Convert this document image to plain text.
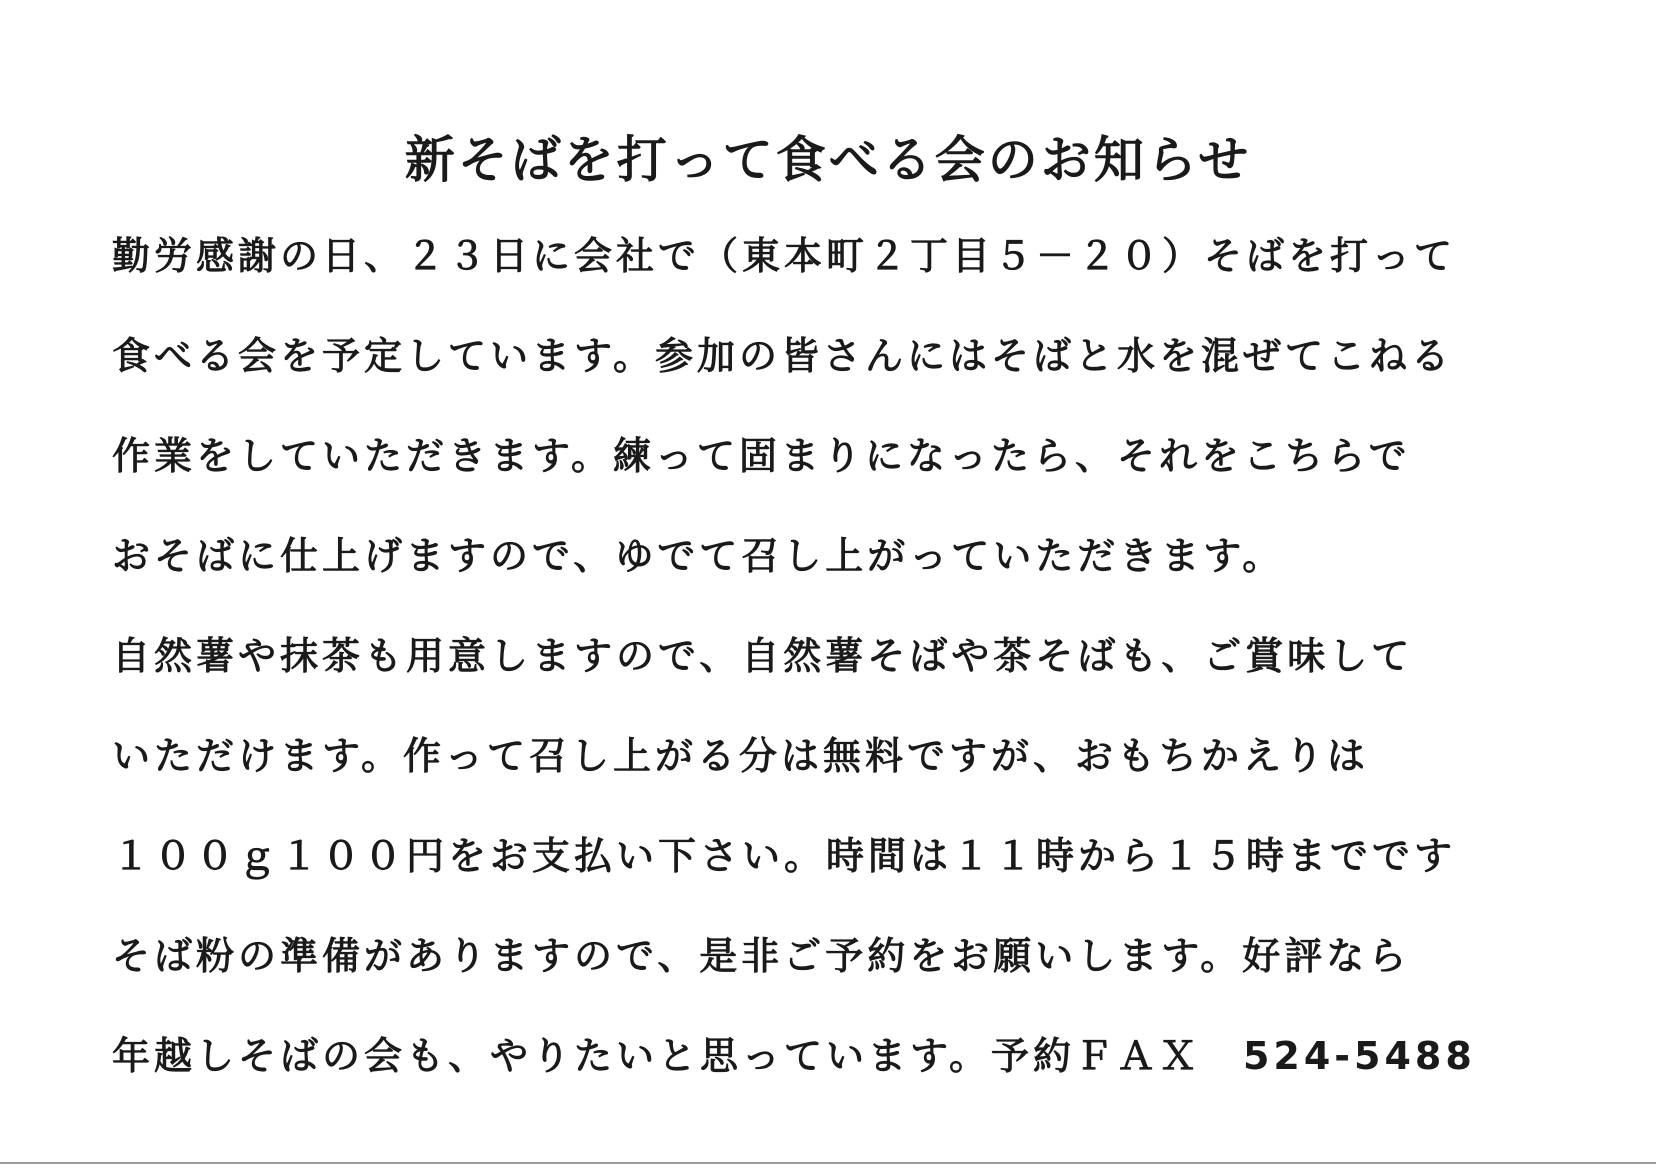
新そばを打って食べる会のお知らせ
勤労感謝の日、２３日に会社で（東本町２丁目５－２０）そばを打って
食べる会を予定しています。参加の皆さんにはそばと水を混ぜてこねる
作業をしていただきます。練って固まりになったら、それをこちらで
おそばに仕上げますので、ゆでて召し上がっていただきます。
自然薯や抹茶も用意しますので、自然薯そばや茶そばも、ご賞味して
いただけます。作って召し上がる分は無料ですが、おもちかえりは
１００ｇ１００円をお支払い下さい。時間は１１時から１５時までです
そば粉の準備がありますので、是非ご予約をお願いします。好評なら
年越しそばの会も、やりたいと思っています。予約ＦＡＸ　524-5488
